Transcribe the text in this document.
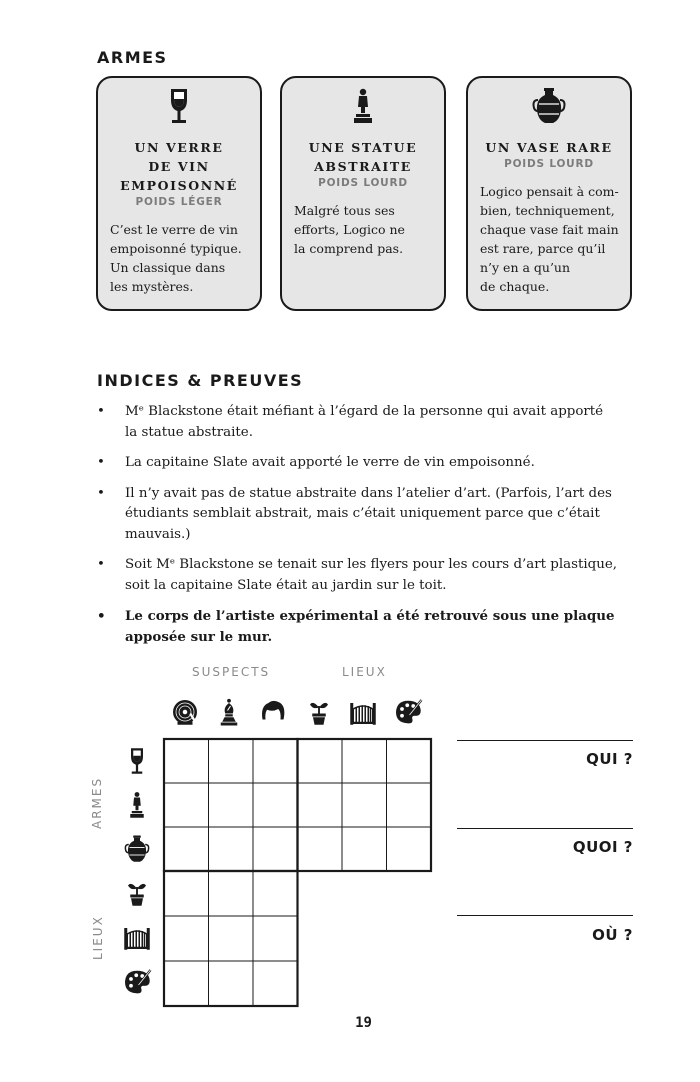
ARMES
UN VERRE
DE VIN
EMPOISONNÉ
POIDS LÉGER
C’est le verre de vin
empoisonné typique.
Un classique dans
les mystères.
UNE STATUE
ABSTRAITE
POIDS LOURD
Malgré tous ses
efforts, Logico ne
la comprend pas.
UN VASE RARE
POIDS LOURD
Logico pensait à com-
bien, techniquement,
chaque vase fait main
est rare, parce qu’il
n’y en a qu’un
de chaque.
INDICES & PREUVES
• Mᵉ Blackstone était méfiant à l’égard de la personne qui avait apporté
la statue abstraite.
• La capitaine Slate avait apporté le verre de vin empoisonné.
• Il n’y avait pas de statue abstraite dans l’atelier d’art. (Parfois, l’art des
étudiants semblait abstrait, mais c’était uniquement parce que c’était
mauvais.)
• Soit Mᵉ Blackstone se tenait sur les flyers pour les cours d’art plastique,
soit la capitaine Slate était au jardin sur le toit.
• Le corps de l’artiste expérimental a été retrouvé sous une plaque
apposée sur le mur.
SUSPECTS	LIEUX
ARMES
LIEUX
QUI ?
QUOI ?
OÙ ?
19
